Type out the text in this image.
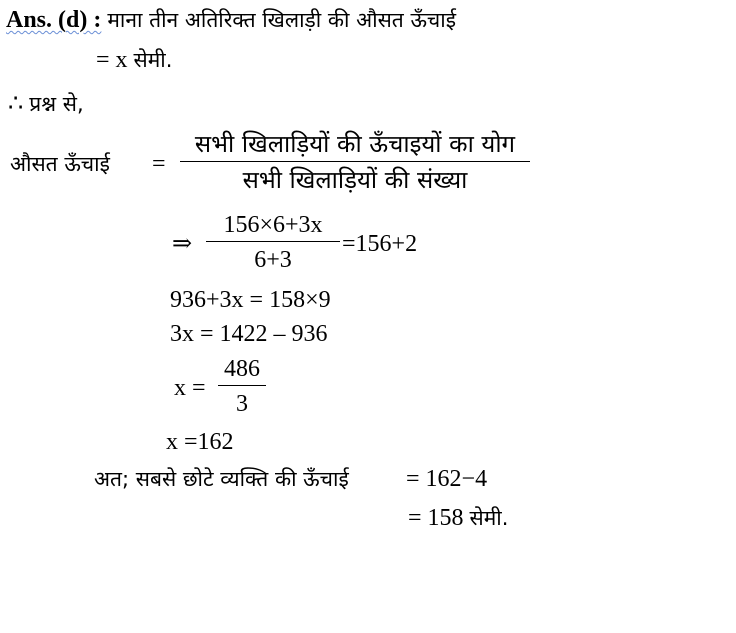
Ans. (d) : माना तीन अतिरिक्त खिलाड़ी की औसत ऊँचाई
= x सेमी.
∴ प्रश्न से,
औसत ऊँचाई =
सभी खिलाड़ियों की ऊँचाइयों का योग
सभी खिलाड़ियों की संख्या
⇒
156×6+3x
6+3
=156+2
936+3x = 158×9
3x = 1422 – 936
x =
486
3
x =162
अत; सबसे छोटे व्यक्ति की ऊँचाई = 162−4
= 158 सेमी.
